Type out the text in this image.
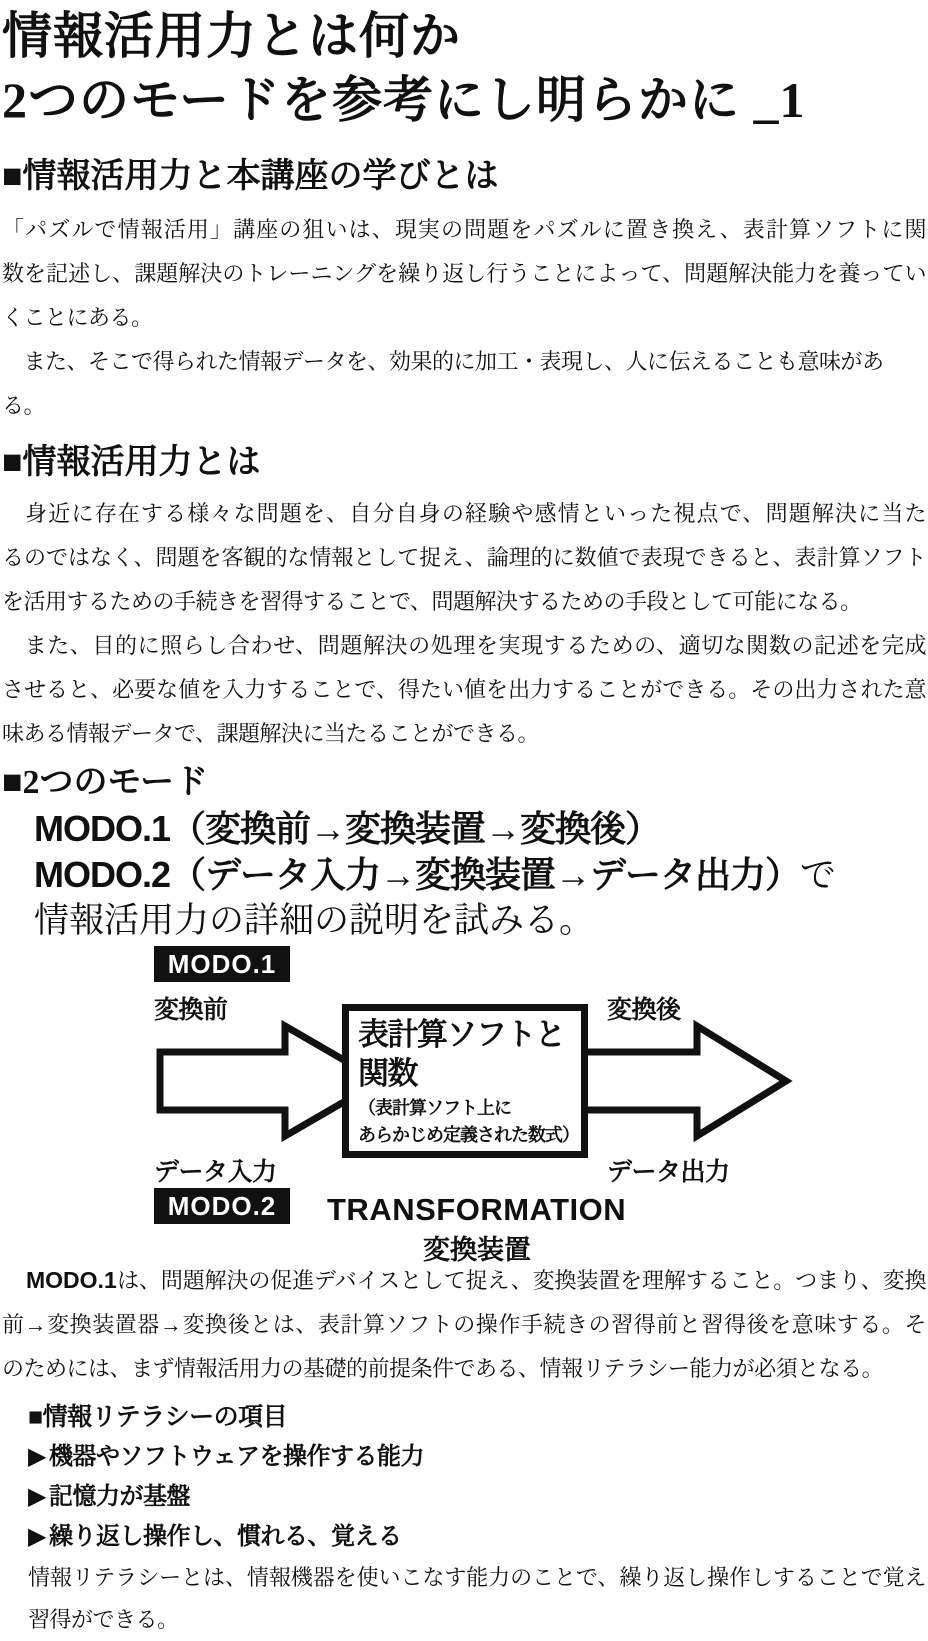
情報活用力とは何か
2つのモードを参考にし明らかに _1
■情報活用力と本講座の学びとは
「パズルで情報活用」講座の狙いは、現実の問題をパズルに置き換え、表計算ソフトに関
数を記述し、課題解決のトレーニングを繰り返し行うことによって、問題解決能力を養ってい
くことにある。
　また、そこで得られた情報データを、効果的に加工・表現し、人に伝えることも意味がある。
■情報活用力とは
　身近に存在する様々な問題を、自分自身の経験や感情といった視点で、問題解決に当た
るのではなく、問題を客観的な情報として捉え、論理的に数値で表現できると、表計算ソフト
を活用するための手続きを習得することで、問題解決するための手段として可能になる。
　また、目的に照らし合わせ、問題解決の処理を実現するための、適切な関数の記述を完成
させると、必要な値を入力することで、得たい値を出力することができる。その出力された意
味ある情報データで、課題解決に当たることができる。
■2つのモード
MODO.1（変換前→変換装置→変換後）
MODO.2（データ入力→変換装置→データ出力）で
情報活用力の詳細の説明を試みる。
MODO.1
変換前	変換後
表計算ソフトと
関数
（表計算ソフト上に
あらかじめ定義された数式）
データ入力	データ出力
MODO.2	TRANSFORMATION
変換装置
MODO.1は、問題解決の促進デバイスとして捉え、変換装置を理解すること。つまり、変換
前→変換装置器→変換後とは、表計算ソフトの操作手続きの習得前と習得後を意味する。そ
のためには、まず情報活用力の基礎的前提条件である、情報リテラシー能力が必須となる。
■情報リテラシーの項目
▶ 機器やソフトウェアを操作する能力
▶ 記憶力が基盤
▶ 繰り返し操作し、慣れる、覚える
情報リテラシーとは、情報機器を使いこなす能力のことで、繰り返し操作しすることで覚え
習得ができる。
